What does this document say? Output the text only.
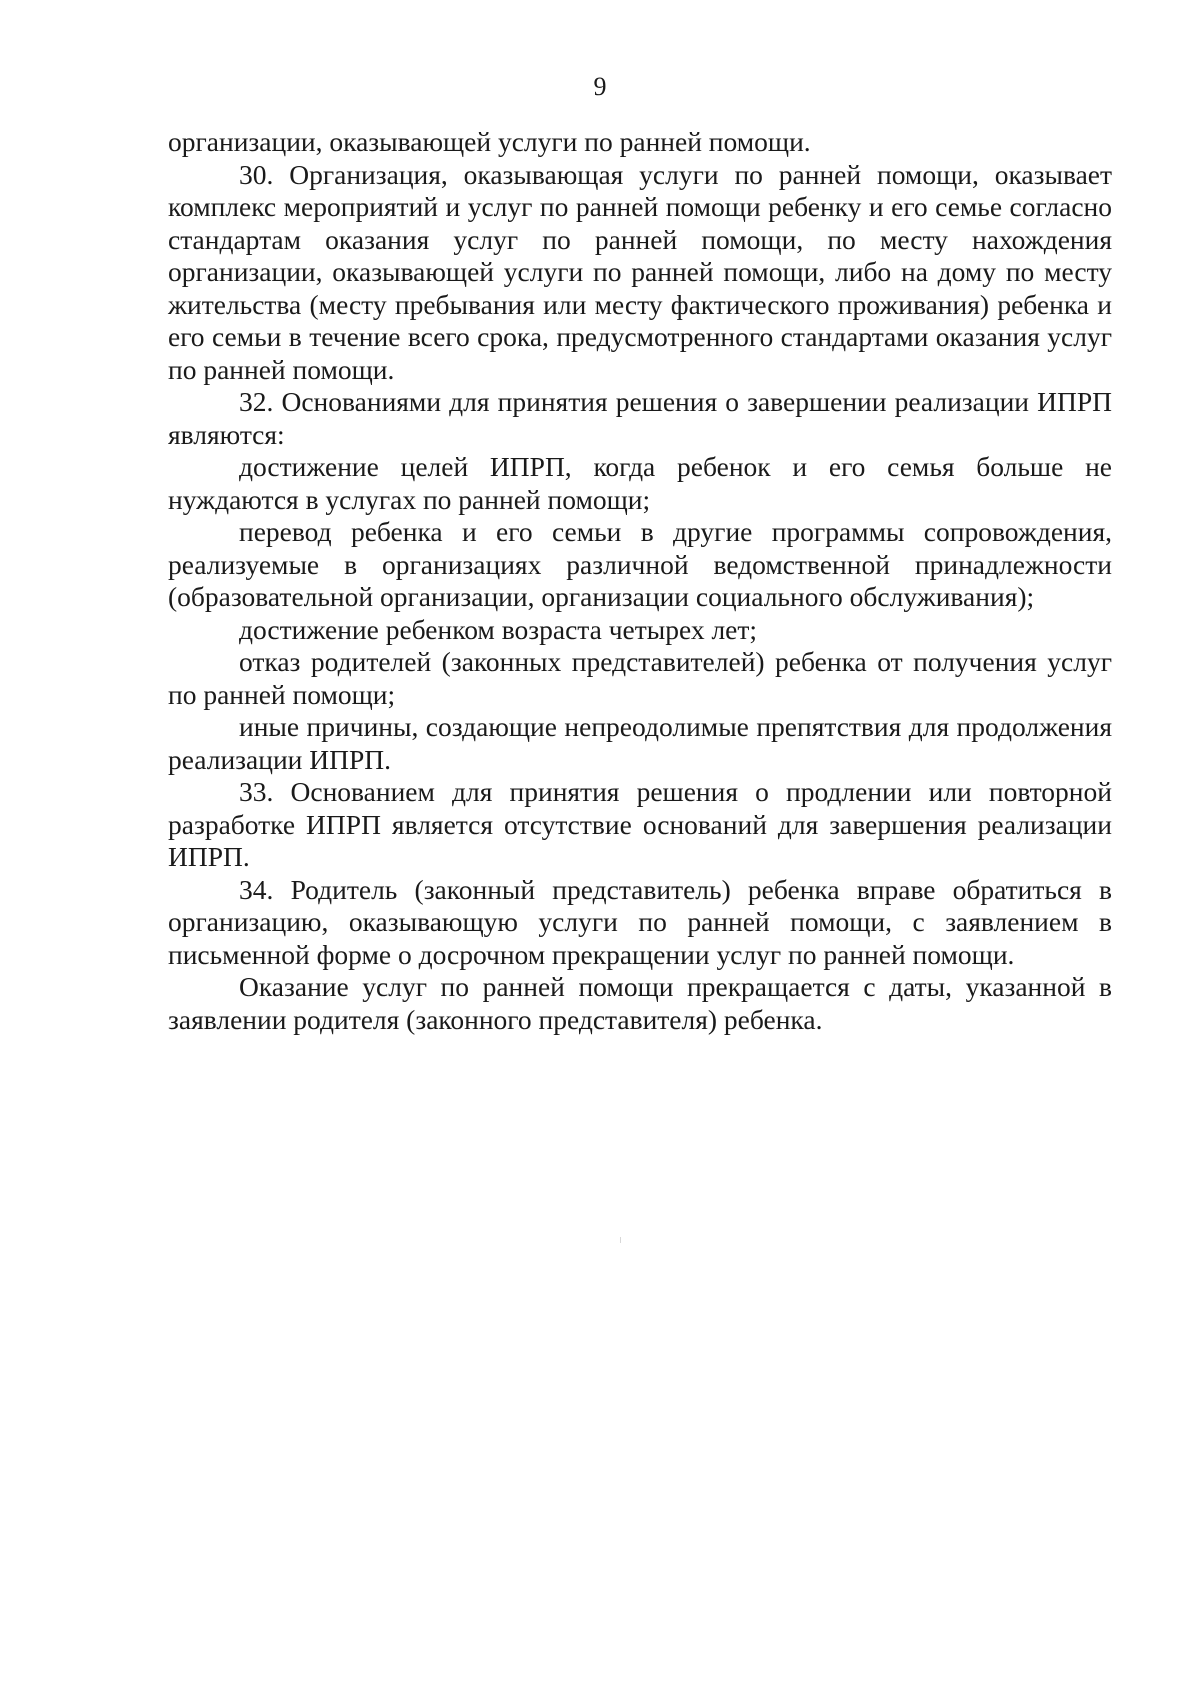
9

организации, оказывающей услуги по ранней помощи.

30. Организация, оказывающая услуги по ранней помощи, оказывает комплекс мероприятий и услуг по ранней помощи ребенку и его семье согласно стандартам оказания услуг по ранней помощи, по месту нахождения организации, оказывающей услуги по ранней помощи, либо на дому по месту жительства (месту пребывания или месту фактического проживания) ребенка и его семьи в течение всего срока, предусмотренного стандартами оказания услуг по ранней помощи.

32. Основаниями для принятия решения о завершении реализации ИПРП являются:

достижение целей ИПРП, когда ребенок и его семья больше не нуждаются в услугах по ранней помощи;

перевод ребенка и его семьи в другие программы сопровождения, реализуемые в организациях различной ведомственной принадлежности (образовательной организации, организации социального обслуживания);

достижение ребенком возраста четырех лет;

отказ родителей (законных представителей) ребенка от получения услуг по ранней помощи;

иные причины, создающие непреодолимые препятствия для продолжения реализации ИПРП.

33. Основанием для принятия решения о продлении или повторной разработке ИПРП является отсутствие оснований для завершения реализации ИПРП.

34. Родитель (законный представитель) ребенка вправе обратиться в организацию, оказывающую услуги по ранней помощи, с заявлением в письменной форме о досрочном прекращении услуг по ранней помощи.

Оказание услуг по ранней помощи прекращается с даты, указанной в заявлении родителя (законного представителя) ребенка.
